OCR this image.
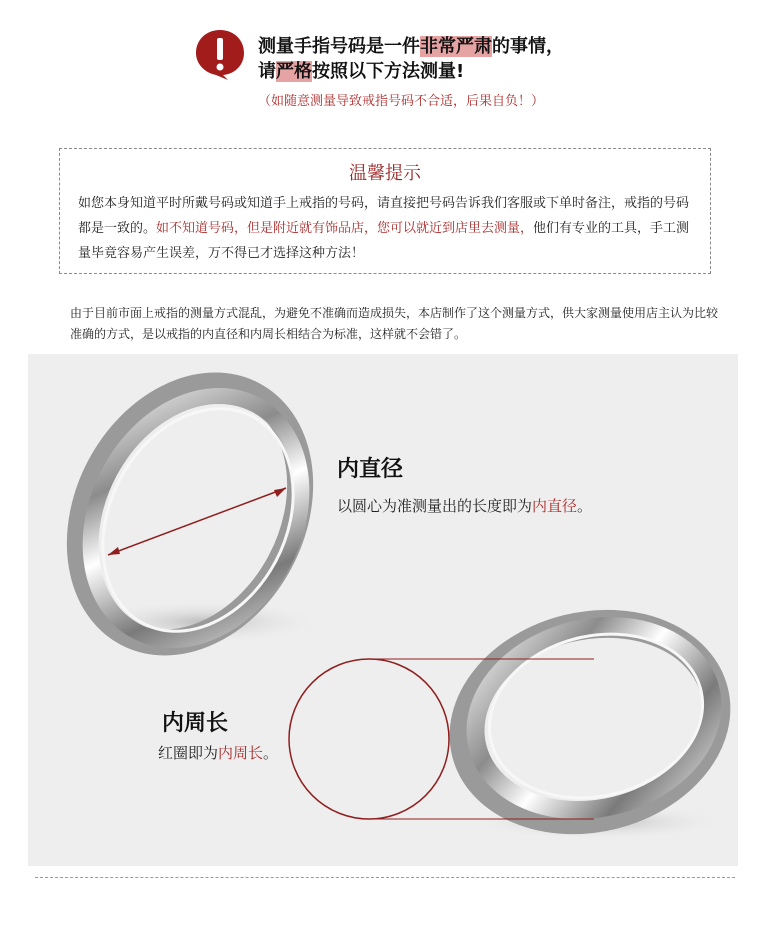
测量手指号码是一件非常严肃的事情，
请严格按照以下方法测量!
（如随意测量导致戒指号码不合适，后果自负！）
温馨提示
如您本身知道平时所戴号码或知道手上戒指的号码，请直接把号码告诉我们客服或下单时备注，戒指的号码都是一致的。如不知道号码，但是附近就有饰品店，您可以就近到店里去测量，他们有专业的工具，手工测量毕竟容易产生误差，万不得已才选择这种方法！
由于目前市面上戒指的测量方式混乱，为避免不准确而造成损失，本店制作了这个测量方式，供大家测量使用店主认为比较准确的方式，是以戒指的内直径和内周长相结合为标准，这样就不会错了。
内直径
以圆心为准测量出的长度即为内直径。
内周长
红圈即为内周长。
